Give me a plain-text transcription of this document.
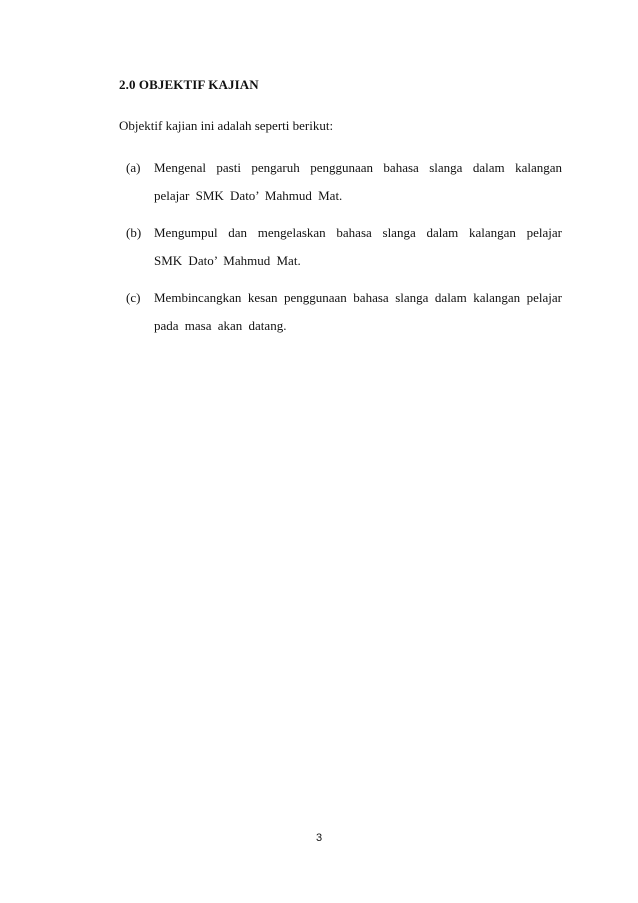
2.0 OBJEKTIF KAJIAN
Objektif kajian ini adalah seperti berikut:
(a) Mengenal pasti pengaruh penggunaan bahasa slanga dalam kalangan pelajar SMK Dato’ Mahmud Mat.
(b) Mengumpul dan mengelaskan bahasa slanga dalam kalangan pelajar SMK Dato’ Mahmud Mat.
(c) Membincangkan kesan penggunaan bahasa slanga dalam kalangan pelajar pada masa akan datang.
3
